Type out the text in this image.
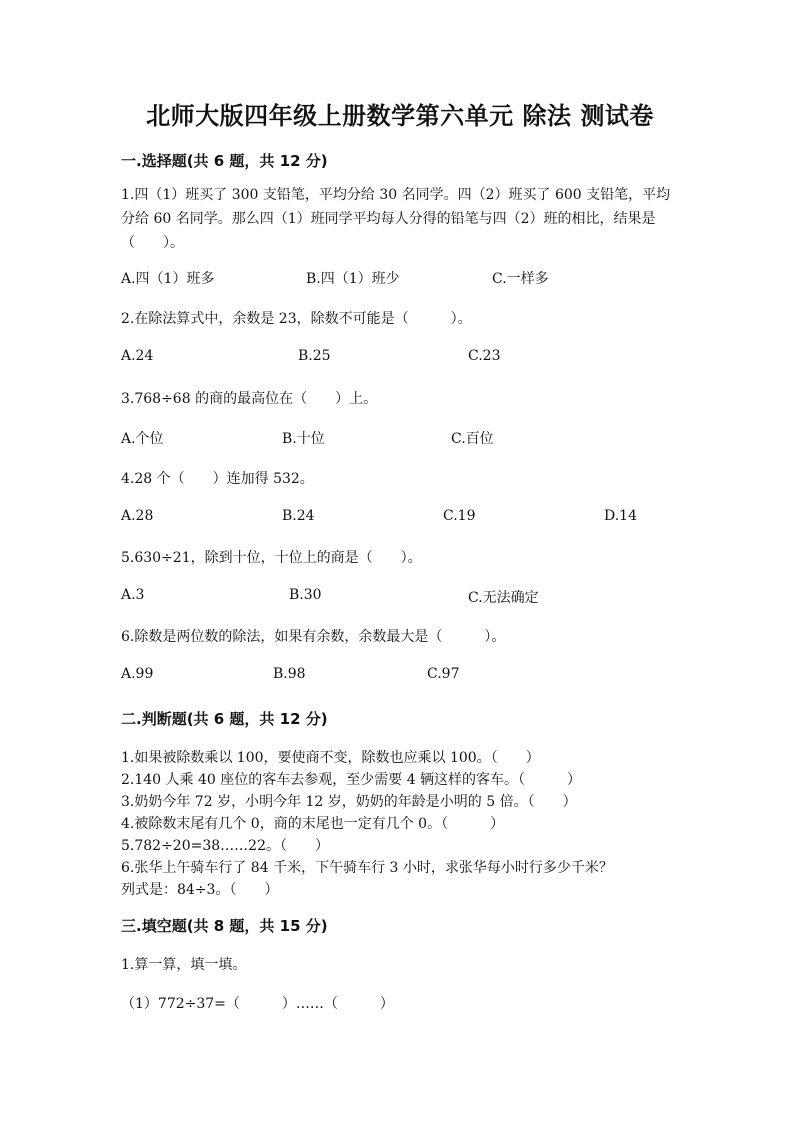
北师大版四年级上册数学第六单元 除法 测试卷
一.选择题(共 6 题，共 12 分)
1.四（1）班买了 300 支铅笔，平均分给 30 名同学。四（2）班买了 600 支铅笔，平均分给 60 名同学。那么四（1）班同学平均每人分得的铅笔与四（2）班的相比，结果是（　　）。
A.四（1）班多	B.四（1）班少	C.一样多
2.在除法算式中，余数是 23，除数不可能是（　　　）。
A.24	B.25	C.23
3.768÷68 的商的最高位在（　　）上。
A.个位	B.十位	C.百位
4.28 个（　　）连加得 532。
A.28	B.24	C.19	D.14
5.630÷21，除到十位，十位上的商是（　　）。
A.3	B.30	C.无法确定
6.除数是两位数的除法，如果有余数，余数最大是（　　　）。
A.99	B.98	C.97
二.判断题(共 6 题，共 12 分)
1.如果被除数乘以 100，要使商不变，除数也应乘以 100。（　　）
2.140 人乘 40 座位的客车去参观，至少需要 4 辆这样的客车。（　　　）
3.奶奶今年 72 岁，小明今年 12 岁，奶奶的年龄是小明的 5 倍。（　　）
4.被除数末尾有几个 0，商的末尾也一定有几个 0。（　　　）
5.782÷20=38……22。（　　）
6.张华上午骑车行了 84 千米，下午骑车行 3 小时，求张华每小时行多少千米？
列式是：84÷3。（　　）
三.填空题(共 8 题，共 15 分)
1.算一算，填一填。
（1）772÷37=（　　　）……（　　　）
